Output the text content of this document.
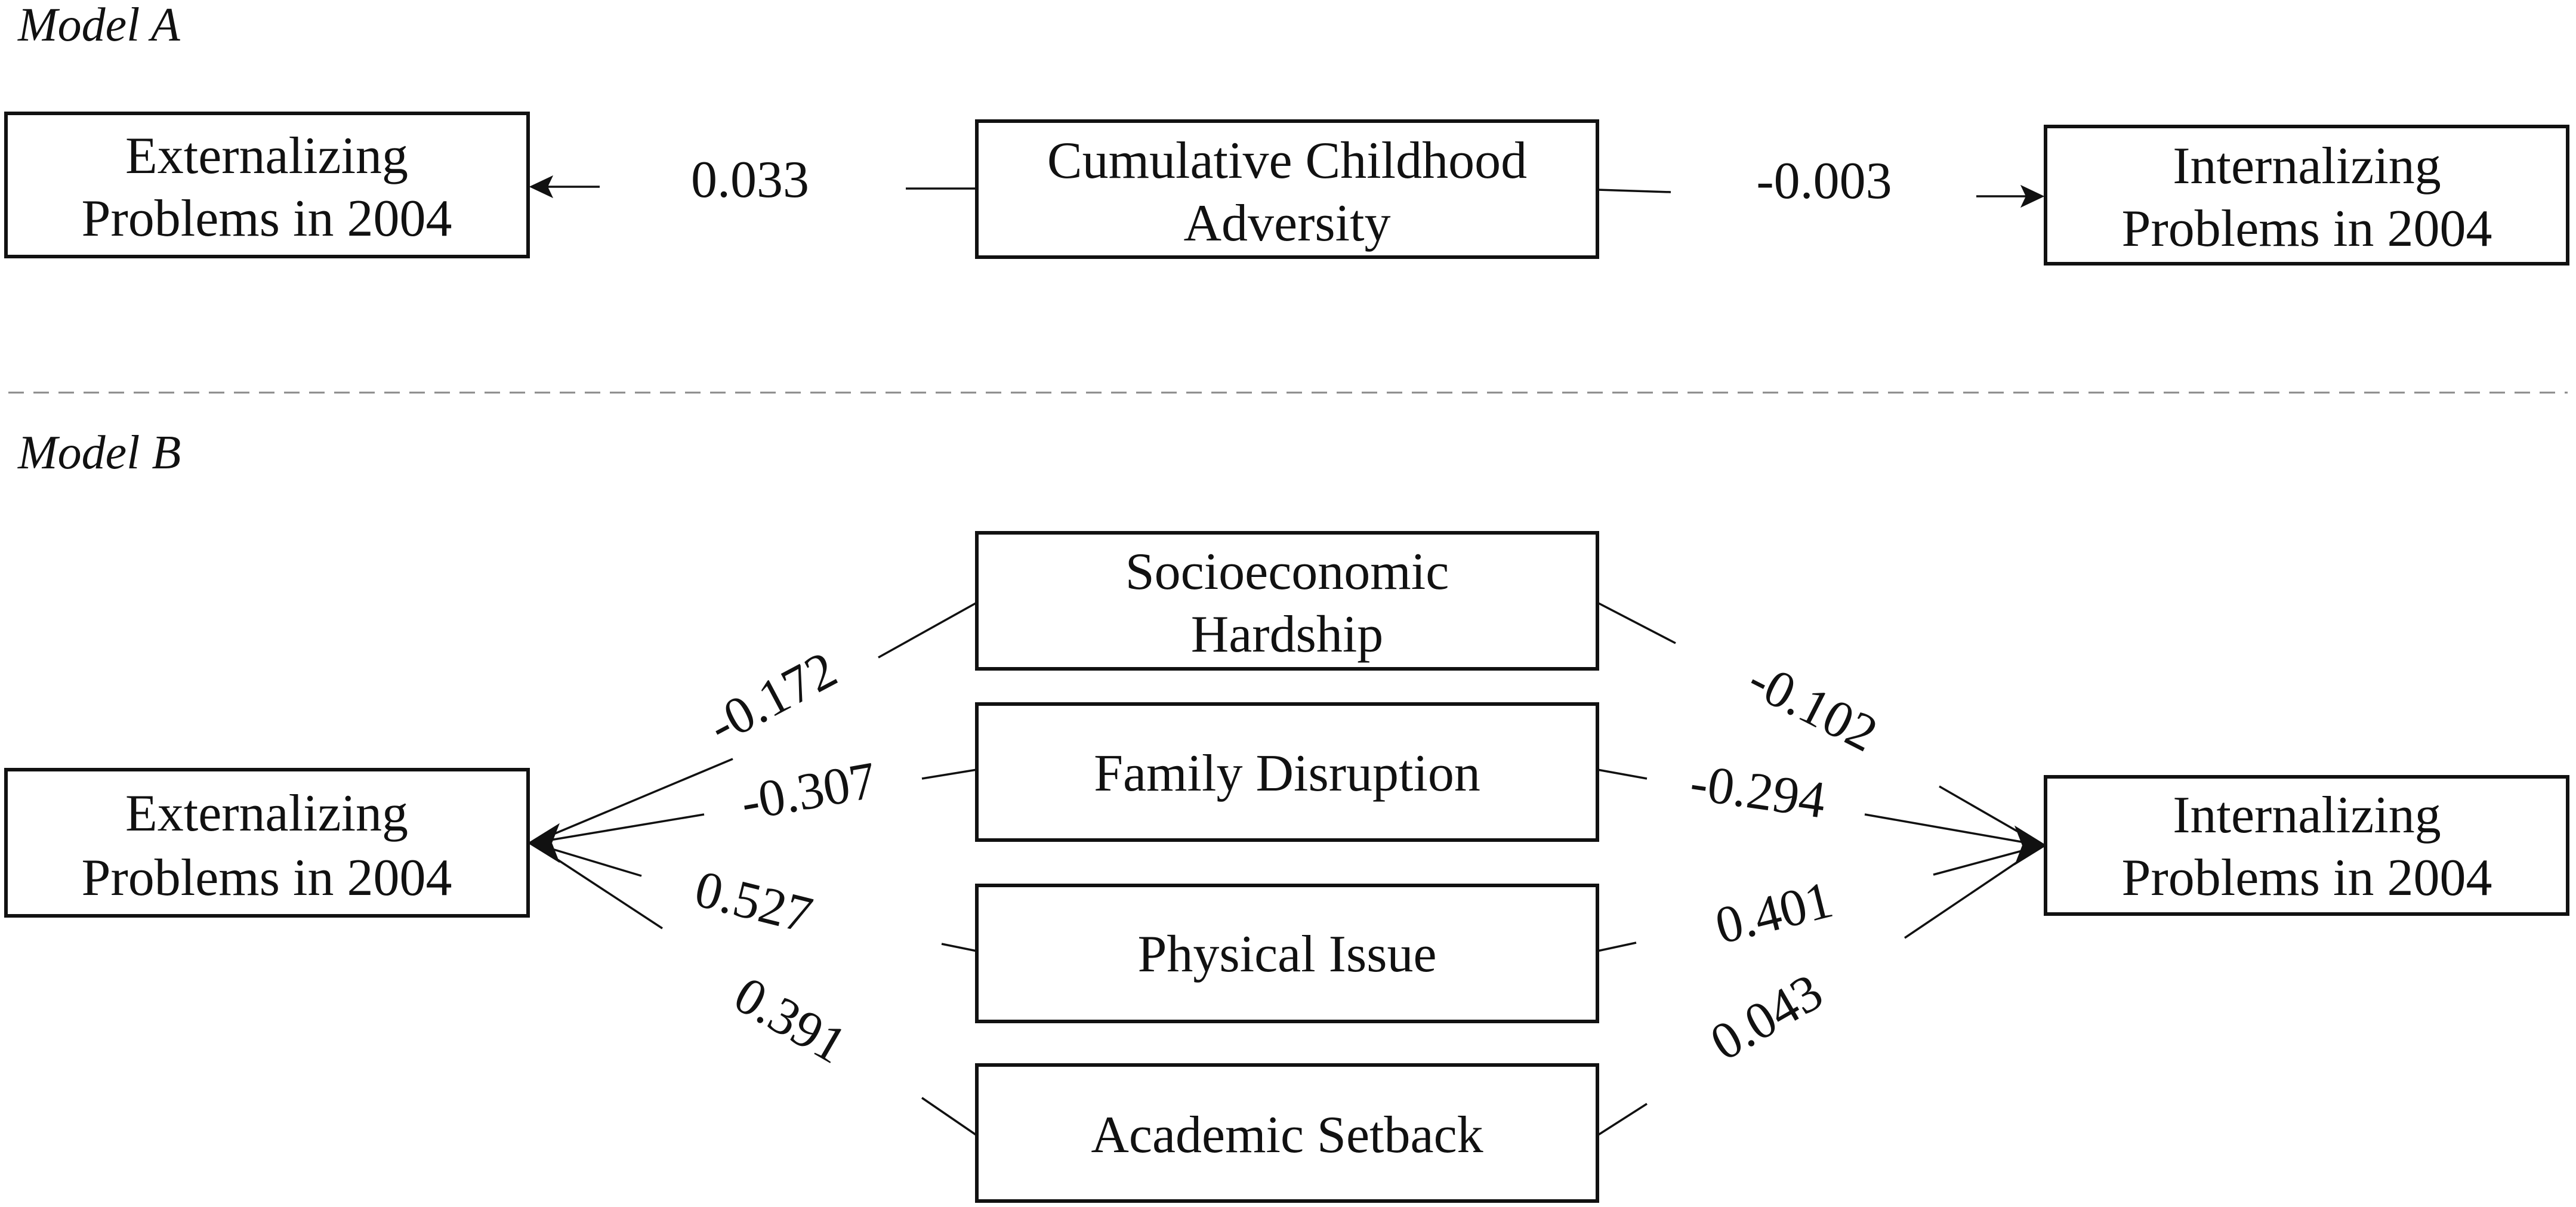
Model A
Externalizing
Problems in 2004
Cumulative Childhood
Adversity
Internalizing
Problems in 2004
0.033	-0.003
Model B
Externalizing
Problems in 2004
Internalizing
Problems in 2004
Socioeconomic
Hardship
Family Disruption
Physical Issue
Academic Setback
-0.172
-0.307
0.527
0.391
-0.102
-0.294
0.401
0.043
